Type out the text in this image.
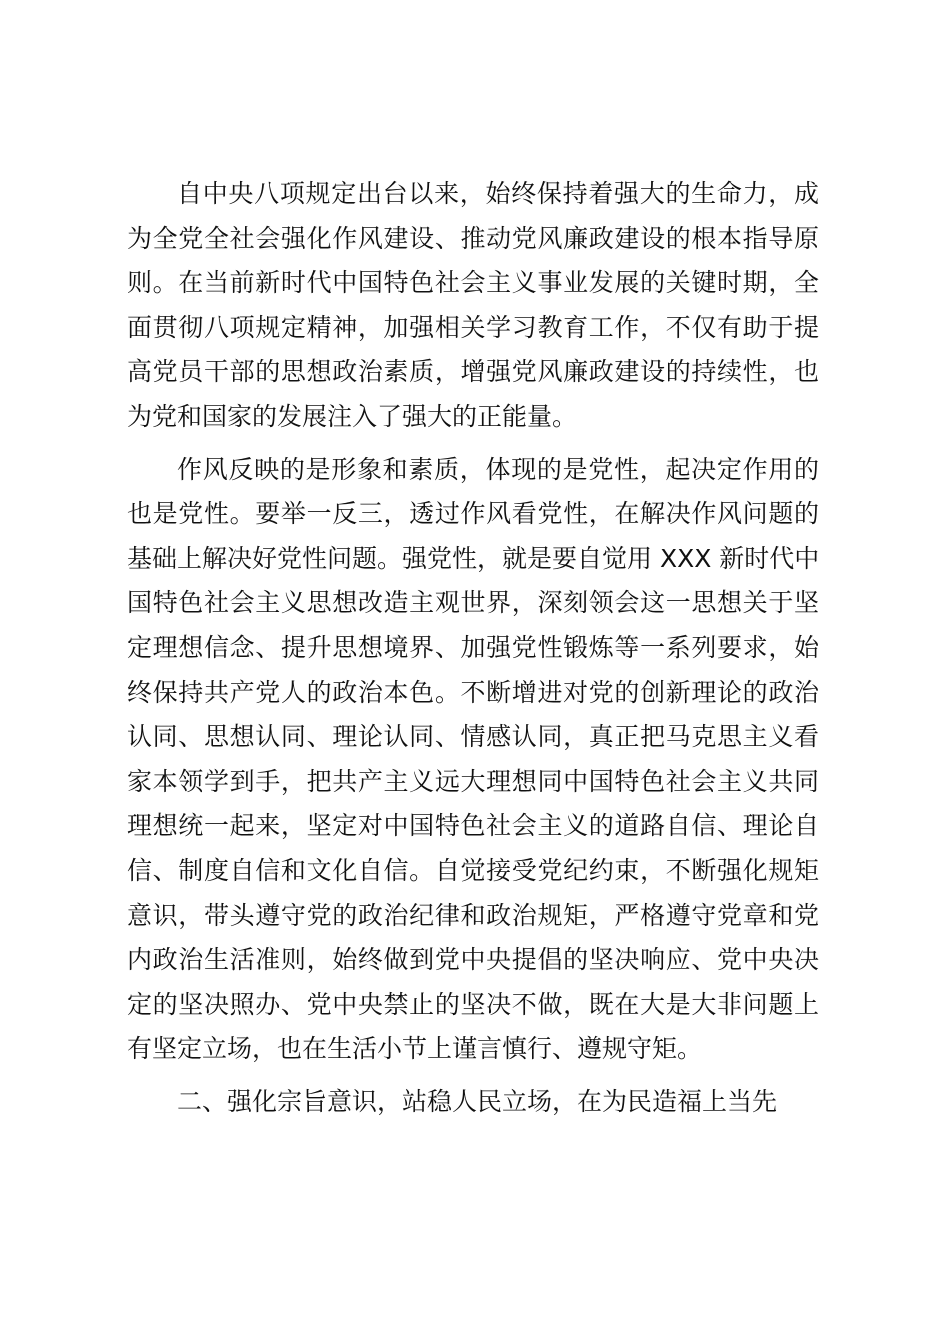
自中央八项规定出台以来，始终保持着强大的生命力，成
为全党全社会强化作风建设、推动党风廉政建设的根本指导原
则。在当前新时代中国特色社会主义事业发展的关键时期，全
面贯彻八项规定精神，加强相关学习教育工作，不仅有助于提
高党员干部的思想政治素质，增强党风廉政建设的持续性，也
为党和国家的发展注入了强大的正能量。
作风反映的是形象和素质，体现的是党性，起决定作用的
也是党性。要举一反三，透过作风看党性，在解决作风问题的
基础上解决好党性问题。强党性，就是要自觉用 XXX 新时代中
国特色社会主义思想改造主观世界，深刻领会这一思想关于坚
定理想信念、提升思想境界、加强党性锻炼等一系列要求，始
终保持共产党人的政治本色。不断增进对党的创新理论的政治
认同、思想认同、理论认同、情感认同，真正把马克思主义看
家本领学到手，把共产主义远大理想同中国特色社会主义共同
理想统一起来，坚定对中国特色社会主义的道路自信、理论自
信、制度自信和文化自信。自觉接受党纪约束，不断强化规矩
意识，带头遵守党的政治纪律和政治规矩，严格遵守党章和党
内政治生活准则，始终做到党中央提倡的坚决响应、党中央决
定的坚决照办、党中央禁止的坚决不做，既在大是大非问题上
有坚定立场，也在生活小节上谨言慎行、遵规守矩。
二、强化宗旨意识，站稳人民立场，在为民造福上当先
